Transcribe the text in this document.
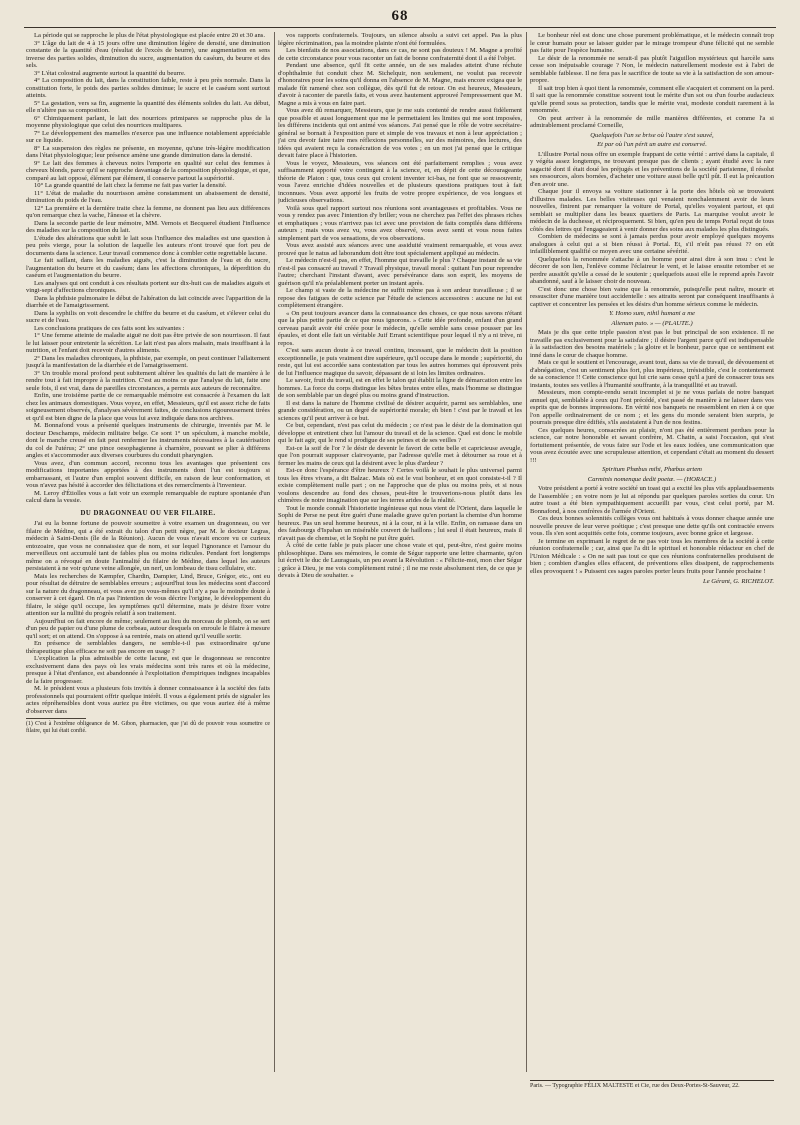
68

La période qui se rapproche le plus de l'état physiologique est placée entre 20 et 30 ans.

3° L'âge du lait de 4 à 15 jours offre une diminution légère de densité, une diminution constante de la quantité d'eau (résultat de l'excès de beurre), une augmentation en sens inverse des parties solides, diminution du sucre, augmentation du caséum, du beurre et des sels.

3° L'état colostral augmente surtout la quantité du beurre.

4° La composition du lait, dans la constitution faible, reste à peu près normale. Dans la constitution forte, le poids des parties solides diminue; le sucre et le caséum sont surtout atteints.

5° La gestation, vers sa fin, augmente la quantité des éléments solides du lait. Au début, elle n'altère pas sa composition.

6° Chimiquement parlant, le lait des nourrices primipares se rapproche plus de la moyenne physiologique que celui des nourrices multipares.

7° Le développement des mamelles n'exerce pas une influence notablement appréciable sur ce liquide.

8° La suspension des règles ne présente, en moyenne, qu'une très-légère modification dans l'état physiologique; leur présence amène une grande diminution dans la densité.

9° Le lait des femmes à cheveux noirs l'emporte en qualité sur celui des femmes à cheveux blonds, parce qu'il se rapproche davantage de la composition physiologique, et que, comparé au lait opposé, élément par élément, il conserve partout la supériorité.

10° La grande quantité de lait chez la femme ne fait pas varier la densité.

11° L'état de maladie du nourrisson amène constamment un abaissement de densité, diminution du poids de l'eau.

12° La première et la dernière traite chez la femme, ne donnent pas lieu aux différences qu'on remarque chez la vache, l'ânesse et la chèvre.

Dans la seconde partie de leur mémoire, MM. Vernois et Becquerel étudient l'influence des maladies sur la composition du lait.

L'étude des altérations que subit le lait sous l'influence des maladies est une question à peu près vierge, pour la solution de laquelle les auteurs n'ont trouvé que fort peu de documents dans la science. Leur travail commence donc à combler cette regrettable lacune.

Le fait saillant, dans les maladies aiguës, c'est la diminution de l'eau et du sucre, l'augmentation du beurre et du caséum; dans les affections chroniques, la déperdition du caséum et l'augmentation du beurre.

Les analyses qui ont conduit à ces résultats portent sur dix-huit cas de maladies aiguës et vingt-sept d'affections chroniques.

Dans la phthisie pulmonaire le début de l'altération du lait coïncide avec l'apparition de la diarrhée et de l'amaigrissement.

Dans la syphilis on voit descendre le chiffre du beurre et du caséum, et s'élever celui du sucre et de l'eau.

Les conclusions pratiques de ces faits sont les suivantes :

1° Une femme atteinte de maladie aiguë ne doit pas être privée de son nourrisson. Il faut le lui laisser pour entretenir la sécrétion. Le lait n'est pas alors malsain, mais insuffisant à la nutrition, et l'enfant doit recevoir d'autres aliments.

2° Dans les maladies chroniques, la phthisie, par exemple, on peut continuer l'allaitement jusqu'à la manifestation de la diarrhée et de l'amaigrissement.

3° Un trouble moral profond peut subitement altérer les qualités du lait de manière à le rendre tout à fait impropre à la nutrition. C'est au moins ce que l'analyse du lait, faite une seule fois, il est vrai, dans de pareilles circonstances, a permis aux auteurs de reconnaître.

Enfin, une troisième partie de ce remarquable mémoire est consacrée à l'examen du lait chez les animaux domestiques. Vous voyez, en effet, Messieurs, qu'il est assez riche de faits soigneusement observés, d'analyses sévèrement faites, de conclusions rigoureusement tirées et qu'il est bien digne de la place que vous lui avez indiquée dans nos archives.

M. Bonnafond vous a présenté quelques instruments de chirurgie, inventés par M. le docteur Deschamps, médecin militaire belge. Ce sont 1° un spéculum, à manche mobile, dont le manche creusé en fait peut renfermer les instruments nécessaires à la cautérisation du col de l'utérus; 2° une pince oesophagienne à charnière, pouvant se plier à différens angles et s'accommoder aux diverses courbures du conduit pharyngien.

Vous avez, d'un commun accord, reconnu tous les avantages que présentent ces modifications importantes apportées à des instruments dont l'un est toujours si embarrassant, et l'autre d'un emploi souvent difficile, en raison de leur conformation, et vous n'avez pas hésité à accorder des félicitations et des remercîments à l'inventeur.

M. Leroy d'Étiolles vous a fait voir un exemple remarquable de rupture spontanée d'un calcul dans la vessie.

DU DRAGONNEAU OU VER FILAIRE.

J'ai eu la bonne fortune de pouvoir soumettre à votre examen un dragonneau, ou ver filaire de Médine, qui a été extrait du talon d'un petit nègre, par M. le docteur Legras, médecin à Saint-Denis (île de la Réunion). Aucun de vous n'avait encore vu ce curieux entozoaire, que vous ne connaissiez que de nom, et sur lequel l'ignorance et l'amour du merveilleux ont accumulé tant de fables plus ou moins ridicules. Pendant fort longtemps même on a révoqué en doute l'animalité du filaire de Médine, dans lequel les auteurs persistaient à ne voir qu'une veine allongée, un nerf, un lombeau de tissu cellulaire, etc.

Mais les recherches de Kæmpfer, Chardin, Dampier, Lind, Bruce, Grégor, etc., ont eu pour résultat de détruire de semblables erreurs ; aujourd'hui tous les médecins sont d'accord sur la nature du dragonneau, et vous avez pu vous-mêmes qu'il n'y a pas le moindre doute à conserver à cet égard. On n'a pas l'intention de vous décrire l'origine, le développement du filaire, le siège qu'il occupe, les symptômes qu'il détermine, mais je désire fixer votre attention sur la nullité du progrès relatif à son traitement.

Aujourd'hui on fait encore de même; seulement au lieu du morceau de plomb, on se sert d'un peu de papier ou d'une plume de corbeau, autour desquels on enroule le filaire à mesure qu'il sort; et on attend. On s'oppose à sa rentrée, mais on attend qu'il veuille sortir.

En présence de semblables dangers, ne semble-t-il pas extraordinaire qu'une thérapeutique plus efficace ne soit pas encore en usage ?

L'explication la plus admissible de cette lacune, est que le dragonneau se rencontre exclusivement dans des pays où les vrais médecins sont très rares et où la médecine, presque à l'état d'enfance, est abandonnée à l'exploitation d'empiriques indignes incapables de la faire progresser.

M. le président vous a plusieurs fois invités à donner connaissance à la société des faits professionnels qui pourraient offrir quelque intérêt. Il vous a également priés de signaler les actes répréhensibles dont vous auriez pu être victimes, ou que vous auriez été à même d'observer dans

(1) C'est à l'extrême obligeance de M. Gibon, pharmacien, que j'ai dû de pouvoir vous soumettre ce filaire, qui lui était confié.

vos rapports confraternels. Toujours, un silence absolu a suivi cet appel. Pas la plus légère récrimination, pas la moindre plainte n'ont été formulées.

Les bienfaits de nos associations, dans ce cas, ne sont pas douteux ! M. Magne a profité de cette circonstance pour vous raconter un fait de bonne confraternité dont il a été l'objet.

Pendant une absence, qu'il fit cette année, un de ses malades atteint d'une réchute d'ophthalmie fut conduit chez M. Sichelquir, non seulement, ne voulut pas recevoir d'honoraires pour les soins qu'il donna en l'absence de M. Magne, mais encore exigea que le malade fût ramené chez son collègue, dès qu'il fut de retour. On est heureux, Messieurs, d'avoir à raconter de pareils faits, et vous avez hautement approuvé l'empressement que M. Magne a mis à vous en faire part.

Vous avez dû remarquer, Messieurs, que je me suis contenté de rendre aussi fidèlement que possible et aussi longuement que me le permettaient les limites qui me sont imposées, les différens incidents qui ont animé vos séances. J'ai pensé que le rôle de votre secrétaire-général se bornait à l'exposition pure et simple de vos travaux et non à leur appréciation ; j'ai cru devoir faire taire mes réflexions personnelles, sur des mémoires, des lectures, des idées qui avaient reçu la consécration de vos votes ; en un mot j'ai pensé que le critique devait faire place à l'historien.

Vous le voyez, Messieurs, vos séances ont été parfaitement remplies ; vous avez suffisamment apporté votre contingent à la science, et, en dépit de cette décourageante théorie de Platon : que, tous ceux qui croient inventer ici-bas, ne font que se ressouvenir, vous l'avez enrichie d'idées nouvelles et de plusieurs questions pratiques tout à fait inconnues. Vous avez apporté les fruits de votre propre expérience, de vos longues et judicieuses observations.

Voilà sous quel rapport surtout nos réunions sont avantageuses et profitables. Vous ne vous y rendez pas avec l'intention d'y briller; vous ne cherchez pas l'effet des phrases riches et emphatiques ; vous n'arrivez pas ici avec une provision de faits compilés dans différens auteurs ; mais vous avez vu, vous avez observé, vous avez senti et vous nous faites simplement part de vos sensations, de vos observations.

Vous avez assisté aux séances avec une assiduité vraiment remarquable, et vous avez prouvé que le natus ad laborandum doit être tout spécialement appliqué au médecin.

Le médecin n'est-il pas, en effet, l'homme qui travaille le plus ? Chaque instant de sa vie n'est-il pas consacré au travail ? Travail physique, travail moral : quitant l'un pour reprendre l'autre; cherchant l'instant d'avant, avec persévérance dans son esprit, les moyens de guérison qu'il n'a préalablement porter un instant après.

Le champ si vaste de la médecine ne suffit même pas à son ardeur travailleuse ; il se repose des fatigues de cette science par l'étude de sciences accessoires : aucune ne lui est complètement étrangère.

« On peut toujours avancer dans la connaissance des choses, ce que nous savons n'étant que la plus petite partie de ce que nous ignorons. » Cette idée profonde, enfant d'un grand cerveau paraît avoir été créée pour le médecin, qu'elle semble sans cesse pousser par les épaules, et dont elle fait un véritable Juif Errant scientifique pour lequel il n'y a ni trève, ni repos.

C'est sans aucun doute à ce travail continu, incessant, que le médecin doit la position exceptionnelle, je puis vraiment dire supérieure, qu'il occupe dans le monde ; supériorité, du reste, qui lui est accordée sans contestation par tous les autres hommes qui éprouvent près de lui l'influence magique du savoir, dépassant de si loin les limites ordinaires.

Le savoir, fruit du travail, est en effet le talon qui établit la ligne de démarcation entre les hommes. La force du corps distingue les bêtes brutes entre elles, mais l'homme se distingue de son semblable par un degré plus ou moins grand d'instruction.

Il est dans la nature de l'homme civilisé de désirer acquérir, parmi ses semblables, une grande considération, ou un degré de supériorité morale; eh bien ! c'est par le travail et les sciences qu'il peut arriver à ce but.

Ce but, cependant, n'est pas celui du médecin ; ce n'est pas le désir de la domination qui développe et entretient chez lui l'amour du travail et de la science. Quel est donc le mobile qui le fait agir, qui le rend si prodigue de ses peines et de ses veilles ?

Est-ce la soif de l'or ? le désir de devenir le favori de cette belle et capricieuse aveugle, que l'on pourrait supposer clairvoyante, par l'adresse qu'elle met à détourner sa roue et à fermer les mains de ceux qui la désirent avec le plus d'ardeur ?

Est-ce donc l'espérance d'être heureux ? Certes voilà le souhait le plus universel parmi tous les êtres vivans, a dit Balzac. Mais où est le vrai bonheur, et en quoi consiste-t-il ? Il existe complètement nulle part ; on ne l'approche que de plus ou moins près, et si nous voulons descendre au fond des choses, peut-être le trouverions-nous plutôt dans les chimères de notre imagination que sur les terres arides de la réalité.

Tout le monde connaît l'historiette ingénieuse qui nous vient de l'Orient, dans laquelle le Sophi de Perse ne peut être guéri d'une maladie grave qu'en portant la chemise d'un homme heureux. Pas un seul homme heureux, ni à la cour, ni à la ville. Enfin, on ramasse dans un des faubourgs d'Ispahan un misérable couvert de haillons ; lui seul il était heureux, mais il n'avait pas de chemise, et le Sophi ne put être guéri.

À côté de cette fable je puis placer une chose vraie et qui, peut-être, n'est guère moins philosophique. Dans ses mémoires, le comte de Ségur rapporte une lettre charmante, qu'on lui écrivit le duc de Lauraguais, un peu avant la Révolution : « Félicite-moi, mon cher Ségur ; grâce à Dieu, je me vois complètement ruiné ; il ne me reste absolument rien, de ce que je devais à Dieu de souhaiter. »

Le bonheur réel est donc une chose purement problématique, et le médecin connaît trop le cœur humain pour se laisser guider par le mirage trompeur d'une félicité qui ne semble pas faite pour l'espèce humaine.

Le désir de la renommée ne serait-il pas plutôt l'aiguillon mystérieux qui harcèle sans cesse son inépuisable courage ? Non, le médecin naturellement modeste est à l'abri de semblable faiblesse. Il ne fera pas le sacrifice de toute sa vie à la satisfaction de son amour-propre.

Il sait trop bien à quoi tient la renommée, comment elle s'acquiert et comment on la perd. Il sait que la renommée constitue souvent tout le mérite d'un sot ou d'un fourbe audacieux qu'elle prend sous sa protection, tandis que le mérite vrai, modeste conduit rarement à la renommée.

On peut arriver à la renommée de mille manières différentes, et comme l'a si admirablement proclamé Corneille,

Quelquefois l'un se brise où l'autre s'est sauvé,

Et par où l'un périt un autre est conservé.

L'illustre Portal nous offre un exemple frappant de cette vérité : arrivé dans la capitale, il y végéta assez longtemps, ne trouvant presque pas de clients ; ayant étudié avec la rare sagacité dont il était doué les préjugés et les préventions de la société parisienne, il résolut ses ressources, alors bornées, d'acheter une voiture aussi belle qu'il pût. Il eut la précaution d'en avoir une.

Chaque jour il envoya sa voiture stationner à la porte des hôtels où se trouvaient d'illustres malades. Les belles visiteuses qui venaient nonchalemment avoir de leurs nouvelles, finirent par remarquer la voiture de Portal, qu'elles voyaient partout, et qui semblait se multiplier dans les beaux quartiers de Paris. La marquise voulut avoir le médecin de la duchesse, et réciproquement. Si bien, qu'en peu de temps Portal reçut de tous côtés des lettres qui l'engageaient à venir donner des soins aux malades les plus distingués.

Combien de médecins se sont à jamais perdus pour avoir employé quelques moyens analogues à celui qui a si bien réussi à Portal. Et, s'il n'eût pas réussi ?? on eût infailliblement qualifié ce moyen avec une certaine sévérité.

Quelquefois la renommée s'attache à un homme pour ainsi dire à son insu : c'est le décorer de son lien, l'enlève comme l'éclaireur le vent, et le laisse ensuite retomber et se perdre aussitôt qu'elle a cessé de le soutenir ; quelquefois aussi elle le reprend après l'avoir abandonné, sauf à le laisser choir de nouveau.

C'est donc une chose bien vaine que la renommée, puisqu'elle peut naître, mourir et ressusciter d'une manière tout accidentelle : ses attraits seront par conséquent insuffisants à captiver et concentrer les pensées et les désirs d'un homme sérieux comme le médecin.

Y. Homo sum, nihil humani a me

Alienum puto. » — (PLAUTE.)

Mais je dis que cette triple passion n'est pas le but principal de son existence. Il ne travaille pas exclusivement pour la satisfaire ; il désire l'argent parce qu'il est indispensable à la satisfaction des besoins matériels ; la gloire et le bonheur, parce que ce sentiment est inné dans le cœur de chaque homme.

Mais ce qui le soutient et l'encourage, avant tout, dans sa vie de travail, de dévouement et d'abnégation, c'est un sentiment plus fort, plus impérieux, irrésistible, c'est le contentement de sa conscience !! Cette conscience qui lui crie sans cesse qu'il a juré de consacrer tous ses instants, toutes ses veilles à l'humanité souffrante, à la tranquillité et au travail.

Messieurs, mon compte-rendu serait incomplet si je ne vous parlais de notre banquet annuel qui, semblable à ceux qui l'ont précédé, s'est passé de manière à ne laisser dans vos esprits que de bonnes impressions. En vérité nos banquets ne ressemblent en rien à ce que l'on appelle ordinairement de ce nom ; et les gens du monde seraient bien surpris, je pourrais presque dire édifiés, s'ils assistaient à l'un de nos festins.

Ces quelques heures, consacrées au plaisir, n'ont pas été entièrement perdues pour la science, car notre honorable et savant confrère, M. Chatin, a saisi l'occasion, qui s'est fortuitement présentée, de vous faire sur l'ode et les eaux iodées, une communication que vous avez écoutée avec une scrupuleuse attention, et cependant c'était au moment du dessert !!!

Spiritum Phœbus mihi, Phœbus artem

Carminis nomenque dedit poetæ. — (HORACE.)

Votre président a porté à votre société un toast qui a excité les plus vifs applaudissements de l'assemblée ; en votre nom je lui ai répondu par quelques paroles sorties du cœur. Un autre toast a été bien sympathiquement accueilli par vous, c'est celui porté, par M. Bonnafond, à nos confrères de l'armée d'Orient.

Ces deux bonnes solennités collèges vous ont habitués à vous donner chaque année une nouvelle preuve de leur verve poétique ; c'est presque une dette qu'ils ont contractée envers vous. Ils s'en sont acquittés cette fois, comme toujours, avec bonne grâce et largesse.

Je termine en exprimant le regret de ne pas voir tous les membres de la société à cette réunion confraternelle ; car, ainsi que l'a dit le spirituel et honorable rédacteur en chef de l'Union Médicale : « On ne sait pas tout ce que ces réunions confraternelles produisent de bien ; combien d'angles elles effacent, de préventions elles dissipent, de rapprochements elles provoquent ! » Puissent ces sages paroles porter leurs fruits pour l'année prochaine !

Le Gérant, G. RICHELOT.

Paris. — Typographie FÉLIX MALTESTE et Cie, rue des Deux-Portes-St-Sauveur, 22.
